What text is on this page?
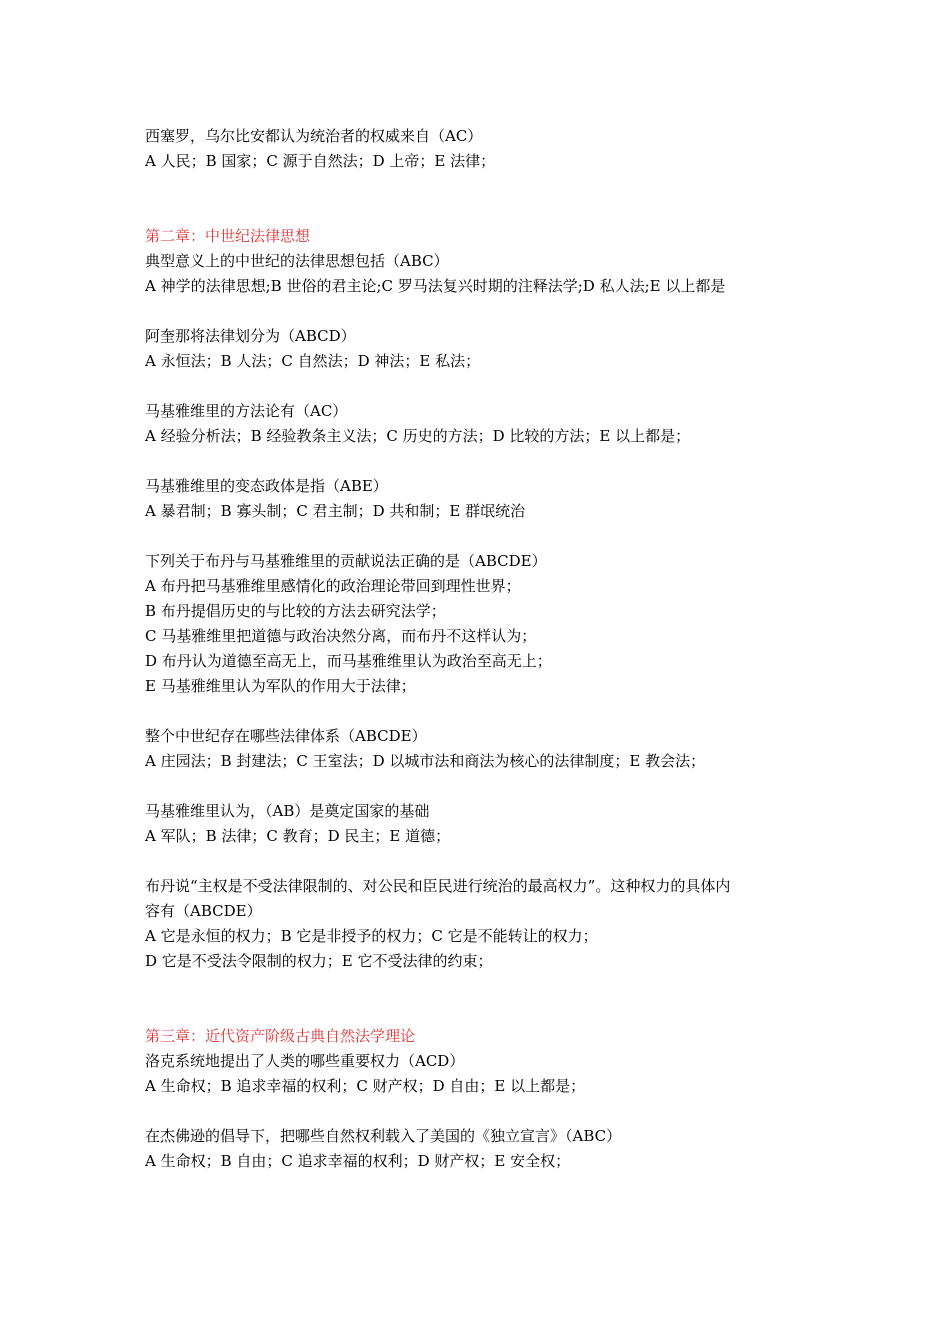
西塞罗，乌尔比安都认为统治者的权威来自（AC）

A 人民；B 国家；C 源于自然法；D 上帝；E 法律；

第二章：中世纪法律思想

典型意义上的中世纪的法律思想包括（ABC）

A 神学的法律思想;B 世俗的君主论;C 罗马法复兴时期的注释法学;D 私人法;E 以上都是

阿奎那将法律划分为（ABCD）

A 永恒法；B 人法；C 自然法；D 神法；E 私法；

马基雅维里的方法论有（AC）

A 经验分析法；B 经验教条主义法；C 历史的方法；D 比较的方法；E 以上都是；

马基雅维里的变态政体是指（ABE）

A 暴君制；B 寡头制；C 君主制；D 共和制；E 群氓统治

下列关于布丹与马基雅维里的贡献说法正确的是（ABCDE）

A 布丹把马基雅维里感情化的政治理论带回到理性世界；

B 布丹提倡历史的与比较的方法去研究法学；

C 马基雅维里把道德与政治决然分离，而布丹不这样认为；

D 布丹认为道德至高无上，而马基雅维里认为政治至高无上；

E 马基雅维里认为军队的作用大于法律；

整个中世纪存在哪些法律体系（ABCDE）

A 庄园法；B 封建法；C 王室法；D 以城市法和商法为核心的法律制度；E 教会法；

马基雅维里认为，（AB）是奠定国家的基础

A 军队；B 法律；C 教育；D 民主；E 道德；

布丹说“主权是不受法律限制的、对公民和臣民进行统治的最高权力”。这种权力的具体内

容有（ABCDE）

A 它是永恒的权力；B 它是非授予的权力；C 它是不能转让的权力；

D 它是不受法令限制的权力；E 它不受法律的约束；

第三章：近代资产阶级古典自然法学理论

洛克系统地提出了人类的哪些重要权力（ACD）

A 生命权；B 追求幸福的权利；C 财产权；D 自由；E 以上都是；

在杰佛逊的倡导下，把哪些自然权利载入了美国的《独立宣言》（ABC）

A 生命权；B 自由；C 追求幸福的权利；D 财产权；E 安全权；
